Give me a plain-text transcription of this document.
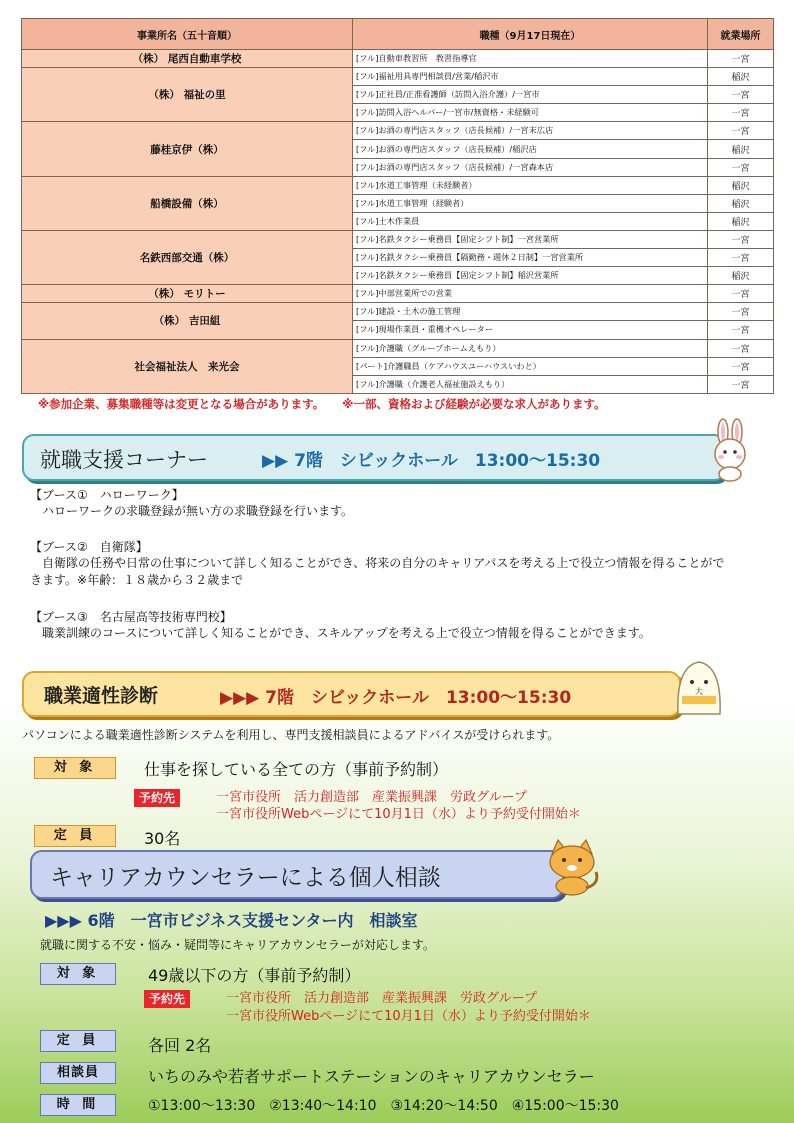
事業所名（五十音順）	職種（9月17日現在）	就業場所
（株） 尾西自動車学校	[フル]自動車教習所　教習指導官	一宮
（株） 福祉の里	[フル]福祉用具専門相談員/営業/稲沢市	稲沢
	[フル]正社員/正准看護師（訪問入浴介護）/一宮市	一宮
	[フル]訪問入浴ヘルパー/一宮市/無資格・未経験可	一宮
藤桂京伊（株）	[フル]お酒の専門店スタッフ（店長候補）/一宮末広店	一宮
	[フル]お酒の専門店スタッフ（店長候補）/稲沢店	稲沢
	[フル]お酒の専門店スタッフ（店長候補）/一宮森本店	一宮
船橋設備（株）	[フル]水道工事管理（未経験者）	稲沢
	[フル]水道工事管理（経験者）	稲沢
	[フル]土木作業員	稲沢
名鉄西部交通（株）	[フル]名鉄タクシー乗務員【固定シフト制】一宮営業所	一宮
	[フル]名鉄タクシー乗務員【隔勤務・週休２日制】一宮営業所	一宮
	[フル]名鉄タクシー乗務員【固定シフト制】稲沢営業所	稲沢
（株） モリトー	[フル]中部営業所での営業	一宮
（株） 吉田組	[フル]建設・土木の施工管理	一宮
	[フル]現場作業員・重機オペレーター	一宮
社会福祉法人　来光会	[フル]介護職（グループホームえもり）	一宮
	[パート]介護職員（ケアハウスユーハウスいわと）	一宮
	[フル]介護職（介護老人福祉施設えもり）	一宮
※参加企業、募集職種等は変更となる場合があります。 ※一部、資格および経験が必要な求人があります。
就職支援コーナー	▶▶ 7階　シビックホール　13:00～15:30
【ブース①　ハローワーク】
ハローワークの求職登録が無い方の求職登録を行います。
【ブース②　自衛隊】
自衛隊の任務や日常の仕事について詳しく知ることができ、将来の自分のキャリアパスを考える上で役立つ情報を得ることができます。※年齢：１８歳から３２歳まで
【ブース③　名古屋高等技術専門校】
職業訓練のコースについて詳しく知ることができ、スキルアップを考える上で役立つ情報を得ることができます。
職業適性診断	▶▶▶ 7階　シビックホール　13:00～15:30	大
パソコンによる職業適性診断システムを利用し、専門支援相談員によるアドバイスが受けられます。
対 象	仕事を探している全ての方（事前予約制）
予約先	一宮市役所　活力創造部　産業振興課　労政グループ
一宮市役所Webページにて10月1日（水）より予約受付開始＊
定 員	30名
キャリアカウンセラーによる個人相談
▶▶▶ 6階　一宮市ビジネス支援センター内　相談室
就職に関する不安・悩み・疑問等にキャリアカウンセラーが対応します。
対 象	49歳以下の方（事前予約制）
予約先	一宮市役所　活力創造部　産業振興課　労政グループ
一宮市役所Webページにて10月1日（水）より予約受付開始＊
定 員	各回 2名
相談員	いちのみや若者サポートステーションのキャリアカウンセラー
時 間	①13:00～13:30　②13:40～14:10　③14:20～14:50　④15:00～15:30
